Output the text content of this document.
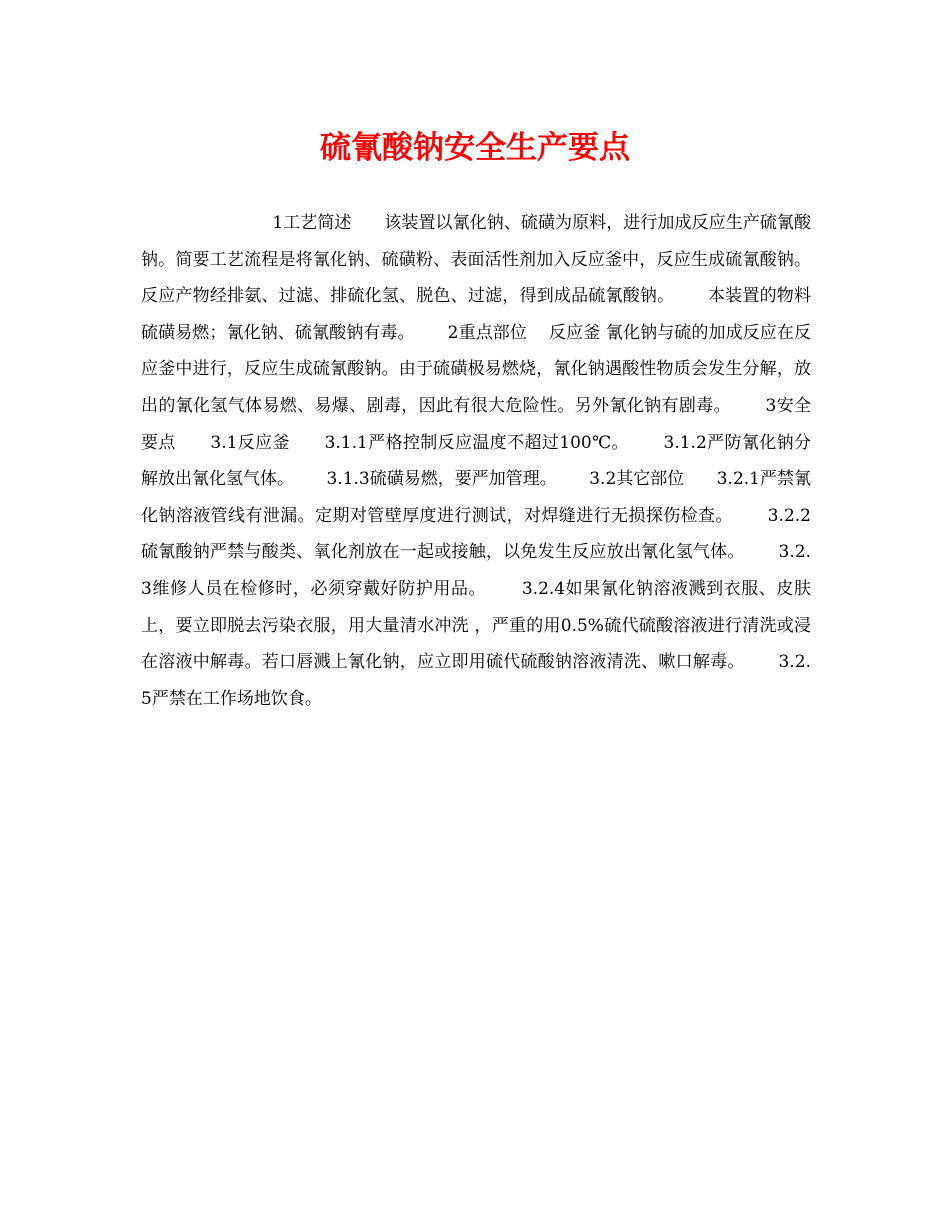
硫氰酸钠安全生产要点

1工艺简述      该装置以氰化钠、硫磺为原料，进行加成反应生产硫氰酸钠。简要工艺流程是将氰化钠、硫磺粉、表面活性剂加入反应釜中，反应生成硫氰酸钠。反应产物经排氨、过滤、排硫化氢、脱色、过滤，得到成品硫氰酸钠。      本装置的物料硫磺易燃；氰化钠、硫氰酸钠有毒。      2重点部位    反应釜 氰化钠与硫的加成反应在反应釜中进行，反应生成硫氰酸钠。由于硫磺极易燃烧，氰化钠遇酸性物质会发生分解，放出的氰化氢气体易燃、易爆、剧毒，因此有很大危险性。另外氰化钠有剧毒。      3安全要点      3.1反应釜      3.1.1严格控制反应温度不超过100℃。      3.1.2严防氰化钠分解放出氰化氢气体。      3.1.3硫磺易燃，要严加管理。      3.2其它部位      3.2.1严禁氰化钠溶液管线有泄漏。定期对管壁厚度进行测试，对焊缝进行无损探伤检查。      3.2.2硫氰酸钠严禁与酸类、氧化剂放在一起或接触，以免发生反应放出氰化氢气体。      3.2.3维修人员在检修时，必须穿戴好防护用品。      3.2.4如果氰化钠溶液溅到衣服、皮肤上，要立即脱去污染衣服，用大量清水冲洗 ，严重的用0.5%硫代硫酸溶液进行清洗或浸在溶液中解毒。若口唇溅上氰化钠，应立即用硫代硫酸钠溶液清洗、嗽口解毒。      3.2.5严禁在工作场地饮食。
